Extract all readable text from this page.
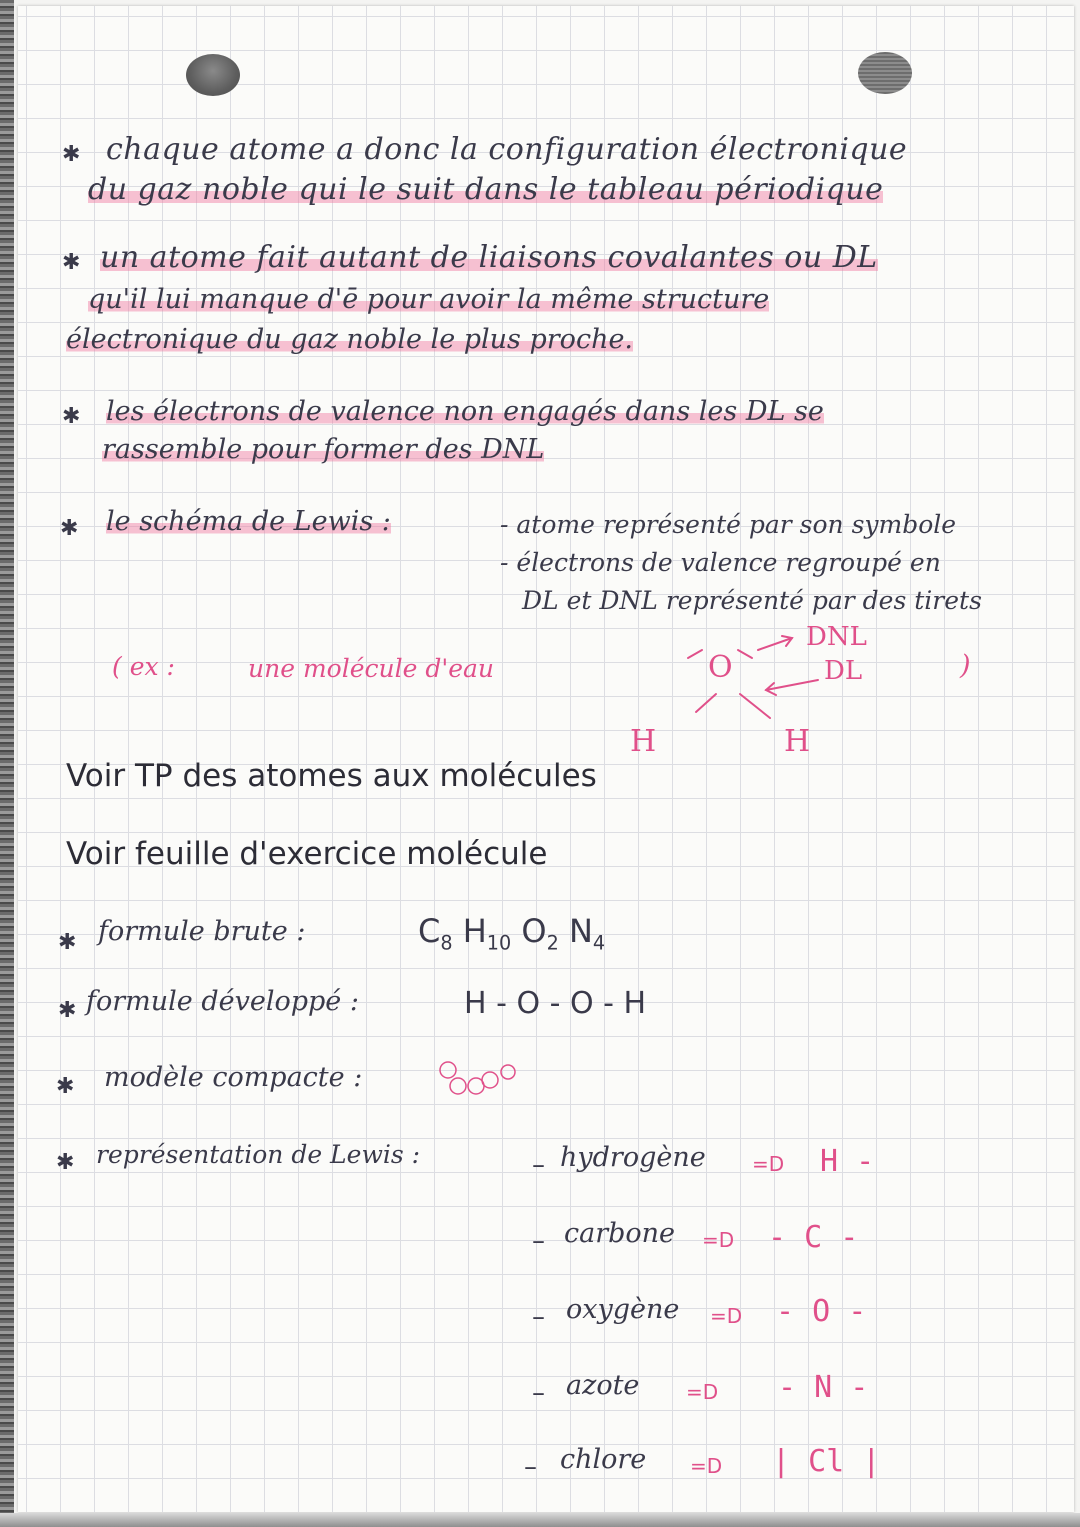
✱ chaque atome a donc la configuration électronique
du gaz noble qui le suit dans le tableau périodique
✱ un atome fait autant de liaisons covalantes ou DL
qu'il lui manque d'ē pour avoir la même structure
électronique du gaz noble le plus proche.
✱ les électrons de valence non engagés dans les DL se
rassemble pour former des DNL
✱ le schéma de Lewis :	- atome représenté par son symbole
- électrons de valence regroupé en
DL et DNL représenté par des tirets
( ex :	une molécule d'eau	)
O
H	H
DNL
DL
Voir TP des atomes aux molécules
Voir feuille d'exercice molécule
✱ formule brute :	$C_8$ $H_{10}$ $O_2$ $N_4$
✱ formule développé :	H - O - O - H
✱ modèle compacte :
✱ représentation de Lewis :	– hydrogène =D H -
– carbone =D - C -
– oxygène =D - O -
– azote =D - N -
– chlore =D | Cl |
